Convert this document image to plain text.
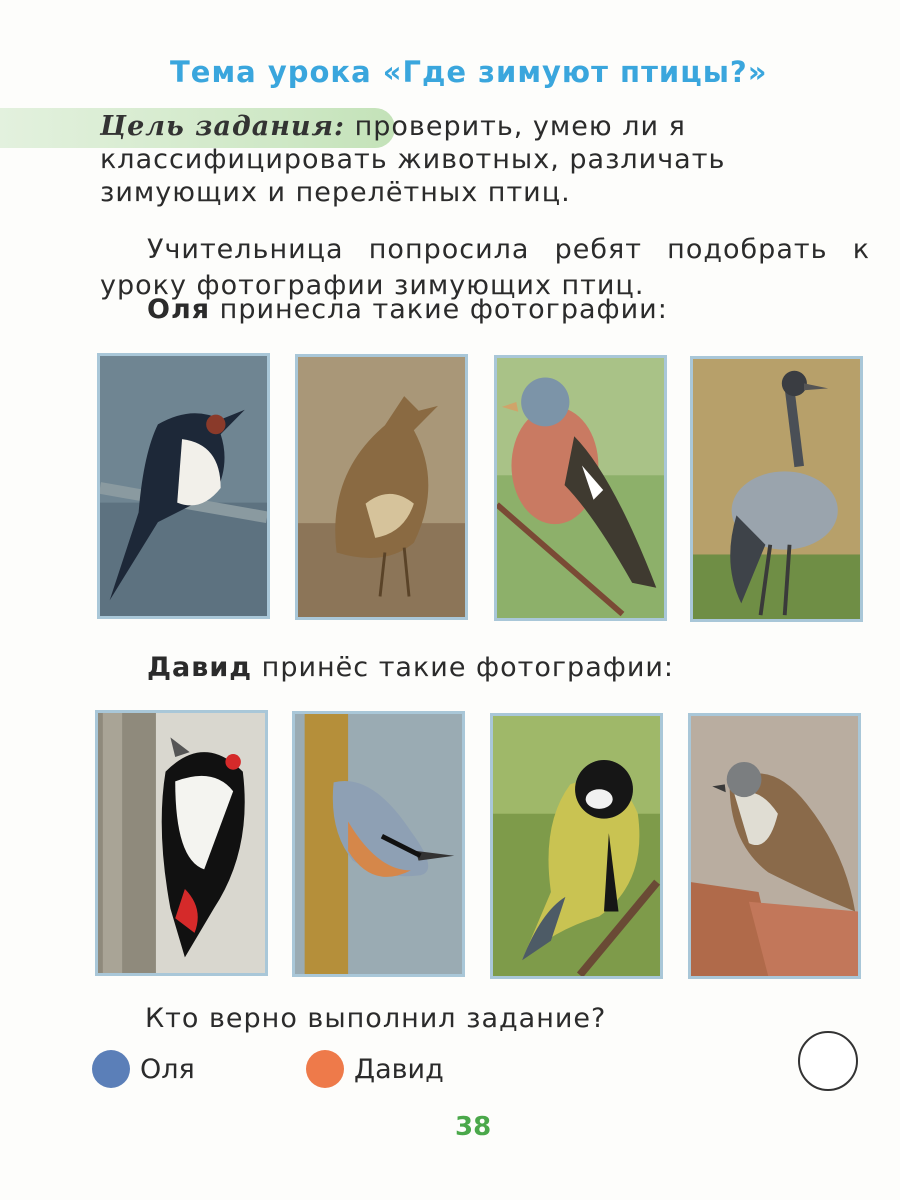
Тема урока «Где зимуют птицы?»
Цель задания: проверить, умею ли я классифицировать животных, различать зимующих и перелётных птиц.
Учительница попросила ребят подобрать к уроку фотографии зимующих птиц.
Оля принесла такие фотографии:
Давид принёс такие фотографии:
Кто верно выполнил задание?
Оля	Давид
38
